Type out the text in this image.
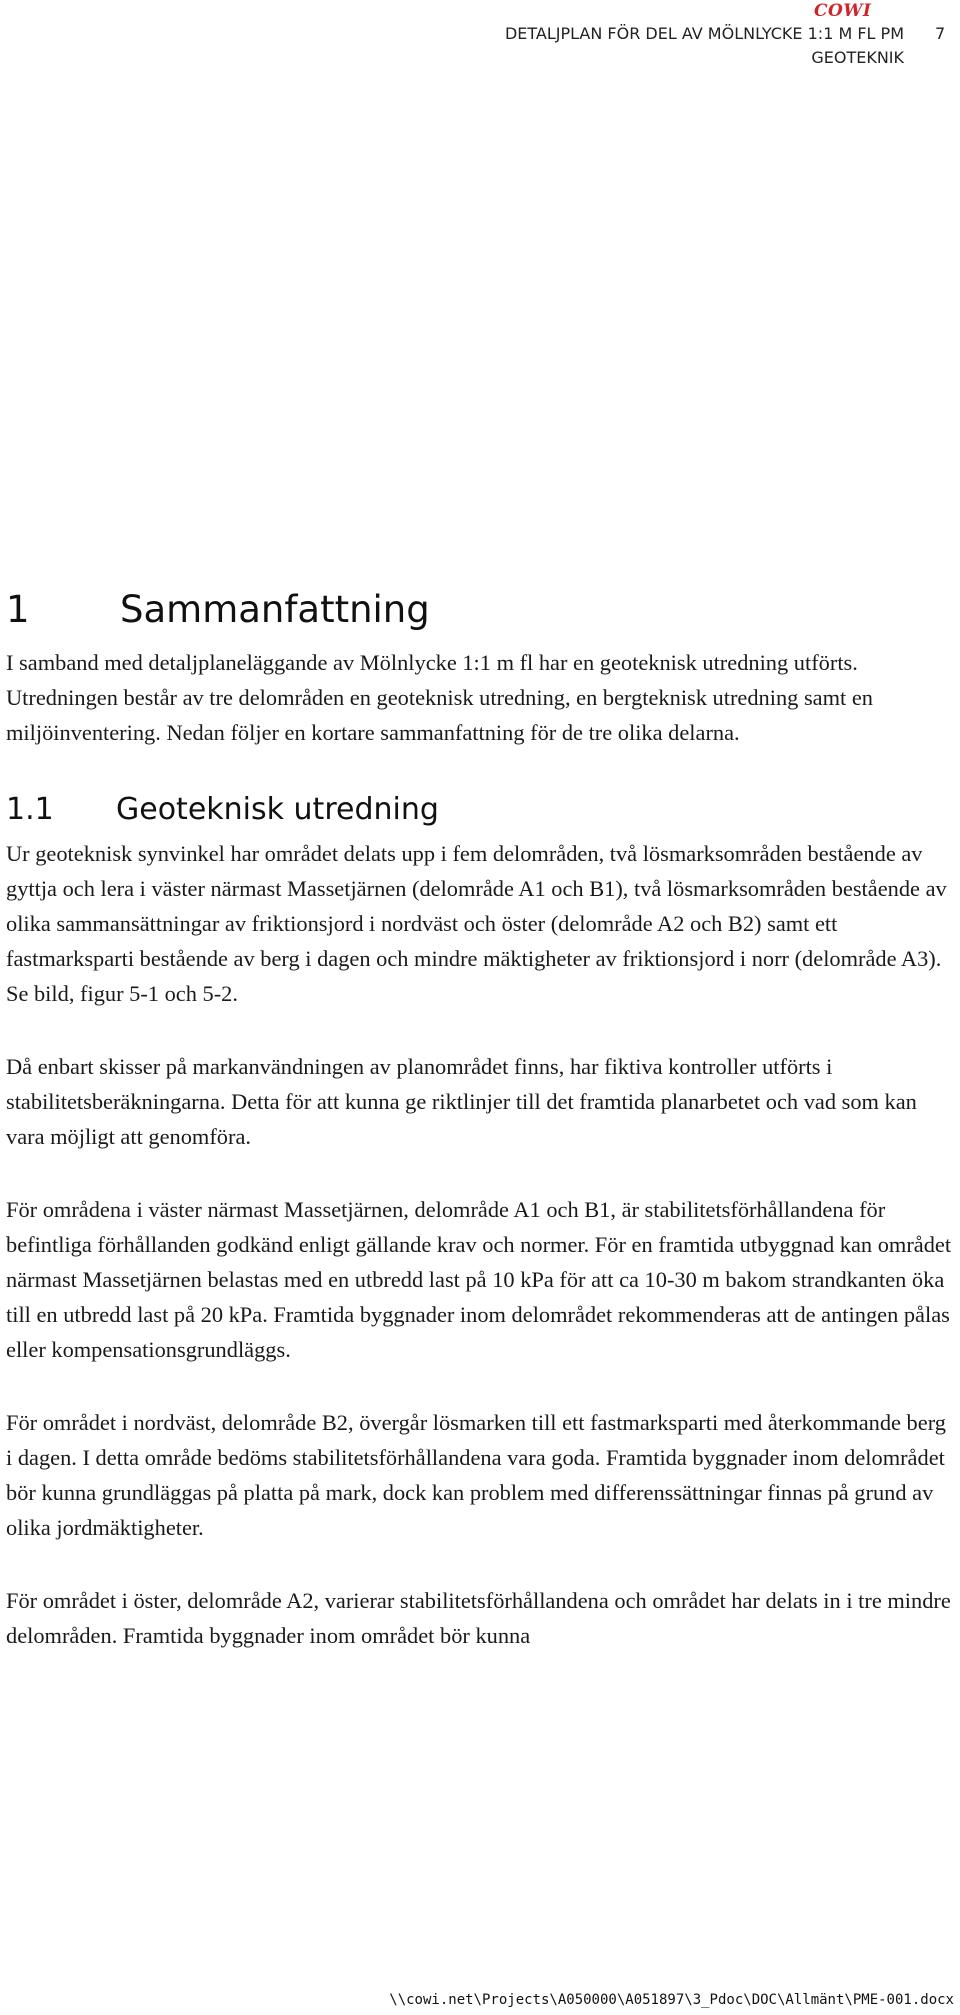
COWI
DETALJPLAN FÖR DEL AV MÖLNLYCKE 1:1 M FL PM GEOTEKNIK
7
1 Sammanfattning

I samband med detaljplaneläggande av Mölnlycke 1:1 m fl har en geoteknisk utredning utförts. Utredningen består av tre delområden en geoteknisk utredning, en bergteknisk utredning samt en miljöinventering. Nedan följer en kortare sammanfattning för de tre olika delarna.

1.1 Geoteknisk utredning

Ur geoteknisk synvinkel har området delats upp i fem delområden, två lösmarksområden bestående av gyttja och lera i väster närmast Massetjärnen (delområde A1 och B1), två lösmarksområden bestående av olika sammansättningar av friktionsjord i nordväst och öster (delområde A2 och B2) samt ett fastmarksparti bestående av berg i dagen och mindre mäktigheter av friktionsjord i norr (delområde A3). Se bild, figur 5-1 och 5-2.

Då enbart skisser på markanvändningen av planområdet finns, har fiktiva kontroller utförts i stabilitetsberäkningarna. Detta för att kunna ge riktlinjer till det framtida planarbetet och vad som kan vara möjligt att genomföra.

För områdena i väster närmast Massetjärnen, delområde A1 och B1, är stabilitetsförhållandena för befintliga förhållanden godkänd enligt gällande krav och normer. För en framtida utbyggnad kan området närmast Massetjärnen belastas med en utbredd last på 10 kPa för att ca 10-30 m bakom strandkanten öka till en utbredd last på 20 kPa. Framtida byggnader inom delområdet rekommenderas att de antingen pålas eller kompensationsgrundläggs.

För området i nordväst, delområde B2, övergår lösmarken till ett fastmarksparti med återkommande berg i dagen. I detta område bedöms stabilitetsförhållandena vara goda. Framtida byggnader inom delområdet bör kunna grundläggas på platta på mark, dock kan problem med differenssättningar finnas på grund av olika jordmäktigheter.

För området i öster, delområde A2, varierar stabilitetsförhållandena och området har delats in i tre mindre delområden. Framtida byggnader inom området bör kunna

\\cowi.net\Projects\A050000\A051897\3_Pdoc\DOC\Allmänt\PME-001.docx
